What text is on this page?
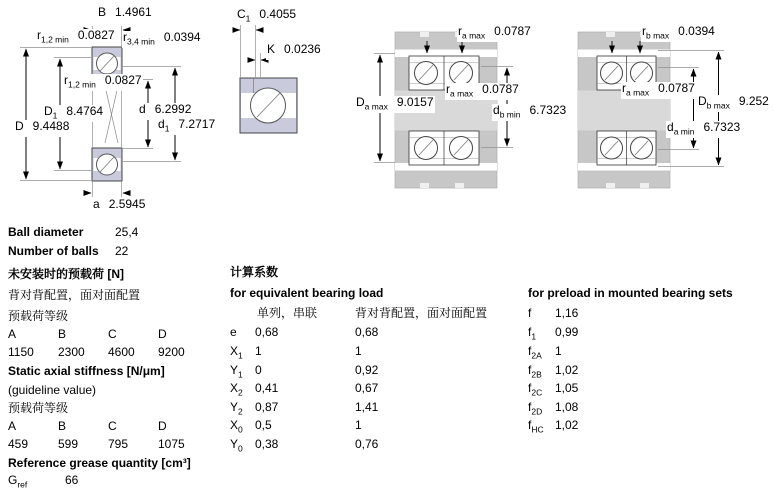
B 1.4961
$r_{1,2 min}$ 0.0827 $r_{3,4 min}$ 0.0394
$r_{1,2 min}$ 0.0827
$D_1$ 8.4764
D 9.4488
d 6.2992
$d_1$ 7.2717
a 2.5945
$C_1$ 0.4055
K 0.0236
$r_{a max}$ 0.0787
$r_{a max}$ 0.0787
$D_{a max}$ 9.0157
$d_{b min}$ 6.7323
$r_{b max}$ 0.0394
$r_{a max}$ 0.0787
$D_{b max}$ 9.252
$d_{a min}$ 6.7323
Ball diameter	25,4
Number of balls 22
未安装时的预载荷 [N]
背对背配置，面对面配置
预载荷等级
A	B	C	D
1150 2300 4600 9200
Static axial stiffness [N/μm]
(guideline value)
预载荷等级
A	B	C	D
459 599 795 1075
Reference grease quantity [cm³]
$G_{ref}$	66
计算系数
for equivalent bearing load
单列，串联	背对背配置，面对面配置
e 0,68	0,68
$X_1$ 1	1
$Y_1$ 0	0,92
$X_2$ 0,41	0,67
$Y_2$ 0,87	1,41
$X_0$ 0,5	1
$Y_0$ 0,38	0,76
for preload in mounted bearing sets
f 1,16
$f_1$ 0,99
$f_{2A}$ 1
$f_{2B}$ 1,02
$f_{2C}$ 1,05
$f_{2D}$ 1,08
$f_{HC}$ 1,02
